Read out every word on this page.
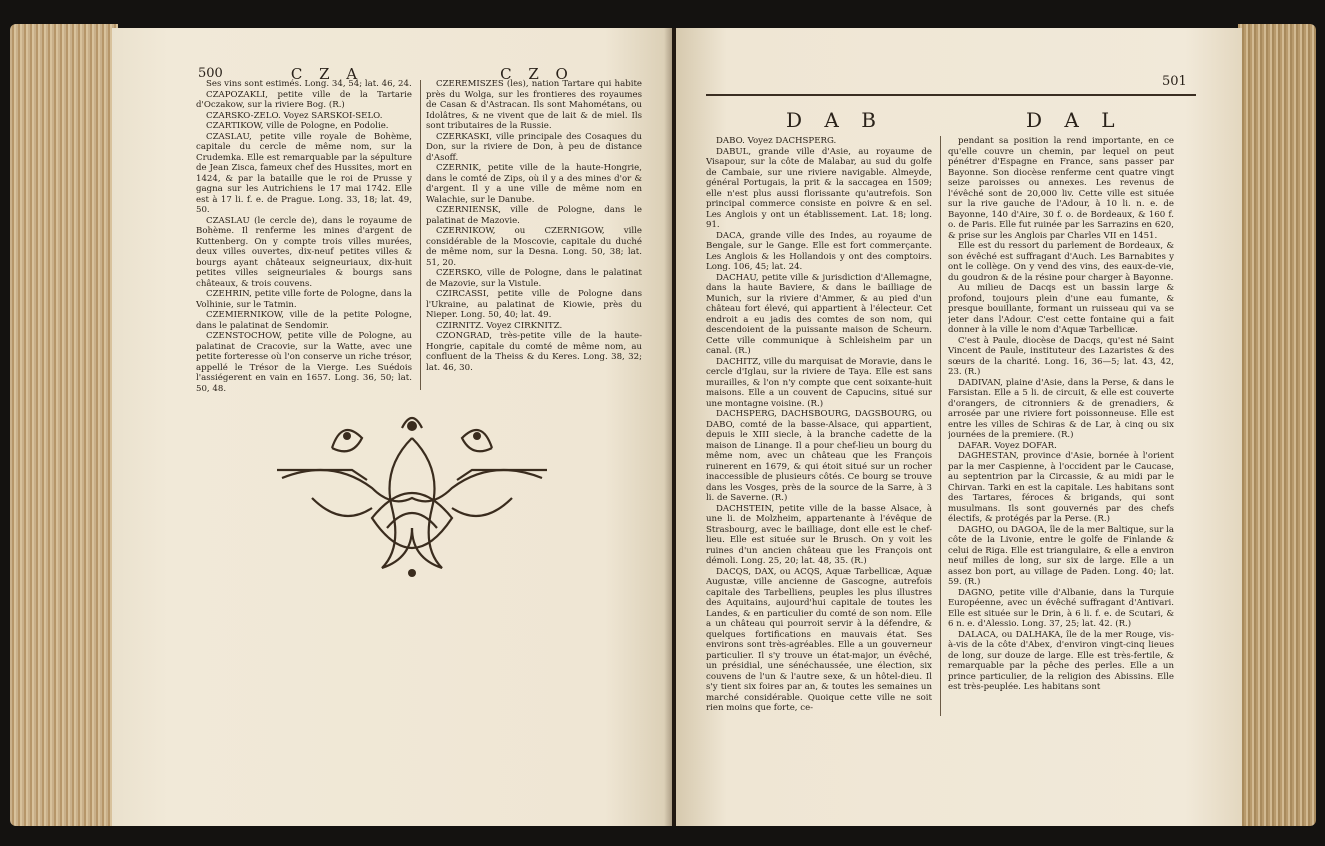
500	C Z A	C Z O

Ses vins sont estimés. Long. 34, 54; lat. 46, 24.

CZAPOZAKLI, petite ville de la Tartarie d'Oczakow, sur la riviere Bog. (R.)

CZARSKO-ZELO. Voyez SARSKOI-SELO.

CZARTIKOW, ville de Pologne, en Podolie.

CZASLAU, petite ville royale de Bohème, capitale du cercle de même nom, sur la Crudemka. Elle est remarquable par la sépulture de Jean Zisca, fameux chef des Hussites, mort en 1424, & par la bataille que le roi de Prusse y gagna sur les Autrichiens le 17 mai 1742. Elle est à 17 li. f. e. de Prague. Long. 33, 18; lat. 49, 50.

CZASLAU (le cercle de), dans le royaume de Bohème. Il renferme les mines d'argent de Kuttenberg. On y compte trois villes murées, deux villes ouvertes, dix-neuf petites villes & bourgs ayant châteaux seigneuriaux, dix-huit petites villes seigneuriales & bourgs sans châteaux, & trois couvens.

CZEHRIN, petite ville forte de Pologne, dans la Volhinie, sur le Tatmin.

CZEMIERNIKOW, ville de la petite Pologne, dans le palatinat de Sendomir.

CZENSTOCHOW, petite ville de Pologne, au palatinat de Cracovie, sur la Watte, avec une petite forteresse où l'on conserve un riche trésor, appellé le Trésor de la Vierge. Les Suédois l'assiégerent en vain en 1657. Long. 36, 50; lat. 50, 48.

CZEREMISZES (les), nation Tartare qui habite près du Wolga, sur les frontieres des royaumes de Casan & d'Astracan. Ils sont Mahométans, ou Idolâtres, & ne vivent que de lait & de miel. Ils sont tributaires de la Russie.

CZERKASKI, ville principale des Cosaques du Don, sur la riviere de Don, à peu de distance d'Asoff.

CZERNIK, petite ville de la haute-Hongrie, dans le comté de Zips, où il y a des mines d'or & d'argent. Il y a une ville de même nom en Walachie, sur le Danube.

CZERNIENSK, ville de Pologne, dans le palatinat de Mazovie.

CZERNIKOW, ou CZERNIGOW, ville considérable de la Moscovie, capitale du duché de même nom, sur la Desna. Long. 50, 38; lat. 51, 20.

CZERSKO, ville de Pologne, dans le palatinat de Mazovie, sur la Vistule.

CZIRCASSI, petite ville de Pologne dans l'Ukraine, au palatinat de Kiowie, près du Nieper. Long. 50, 40; lat. 49.

CZIRNITZ. Voyez CIRKNITZ.

CZONGRAD, très-petite ville de la haute-Hongrie, capitale du comté de même nom, au confluent de la Theiss & du Keres. Long. 38, 32; lat. 46, 30.

501
D A B	D A L

DABO. Voyez DACHSPERG.

DABUL, grande ville d'Asie, au royaume de Visapour, sur la côte de Malabar, au sud du golfe de Cambaie, sur une riviere navigable. Almeyde, général Portugais, la prit & la saccagea en 1509; elle n'est plus aussi florissante qu'autrefois. Son principal commerce consiste en poivre & en sel. Les Anglois y ont un établissement. Lat. 18; long. 91.

DACA, grande ville des Indes, au royaume de Bengale, sur le Gange. Elle est fort commerçante. Les Anglois & les Hollandois y ont des comptoirs. Long. 106, 45; lat. 24.

DACHAU, petite ville & jurisdiction d'Allemagne, dans la haute Baviere, & dans le bailliage de Munich, sur la riviere d'Ammer, & au pied d'un château fort élevé, qui appartient à l'électeur. Cet endroit a eu jadis des comtes de son nom, qui descendoient de la puissante maison de Scheurn. Cette ville communique à Schleisheim par un canal. (R.)

DACHITZ, ville du marquisat de Moravie, dans le cercle d'Iglau, sur la riviere de Taya. Elle est sans murailles, & l'on n'y compte que cent soixante-huit maisons. Elle a un couvent de Capucins, situé sur une montagne voisine. (R.)

DACHSPERG, DACHSBOURG, DAGSBOURG, ou DABO, comté de la basse-Alsace, qui appartient, depuis le XIII siecle, à la branche cadette de la maison de Linange. Il a pour chef-lieu un bourg du même nom, avec un château que les François ruinerent en 1679, & qui étoit situé sur un rocher inaccessible de plusieurs côtés. Ce bourg se trouve dans les Vosges, près de la source de la Sarre, à 3 li. de Saverne. (R.)

DACHSTEIN, petite ville de la basse Alsace, à une li. de Molzheim, appartenante à l'évêque de Strasbourg, avec le bailliage, dont elle est le chef-lieu. Elle est située sur le Brusch. On y voit les ruines d'un ancien château que les François ont démoli. Long. 25, 20; lat. 48, 35. (R.)

DACQS, DAX, ou ACQS, Aquæ Tarbellicæ, Aquæ Augustæ, ville ancienne de Gascogne, autrefois capitale des Tarbelliens, peuples les plus illustres des Aquitains, aujourd'hui capitale de toutes les Landes, & en particulier du comté de son nom. Elle a un château qui pourroit servir à la défendre, & quelques fortifications en mauvais état. Ses environs sont très-agréables. Elle a un gouverneur particulier. Il s'y trouve un état-major, un évêché, un présidial, une sénéchaussée, une élection, six couvens de l'un & l'autre sexe, & un hôtel-dieu. Il s'y tient six foires par an, & toutes les semaines un marché considérable. Quoique cette ville ne soit rien moins que forte, ce-

pendant sa position la rend importante, en ce qu'elle couvre un chemin, par lequel on peut pénétrer d'Espagne en France, sans passer par Bayonne. Son diocèse renferme cent quatre vingt seize paroisses ou annexes. Les revenus de l'évêché sont de 20,000 liv. Cette ville est située sur la rive gauche de l'Adour, à 10 li. n. e. de Bayonne, 140 d'Aire, 30 f. o. de Bordeaux, & 160 f. o. de Paris. Elle fut ruinée par les Sarrazins en 620, & prise sur les Anglois par Charles VII en 1451.

Elle est du ressort du parlement de Bordeaux, & son évêché est suffragant d'Auch. Les Barnabites y ont le collège. On y vend des vins, des eaux-de-vie, du goudron & de la résine pour charger à Bayonne.

Au milieu de Dacqs est un bassin large & profond, toujours plein d'une eau fumante, & presque bouillante, formant un ruisseau qui va se jeter dans l'Adour. C'est cette fontaine qui a fait donner à la ville le nom d'Aquæ Tarbellicæ.

C'est à Paule, diocèse de Dacqs, qu'est né Saint Vincent de Paule, instituteur des Lazaristes & des sœurs de la charité. Long. 16, 36—5; lat. 43, 42, 23. (R.)

DADIVAN, plaine d'Asie, dans la Perse, & dans le Farsistan. Elle a 5 li. de circuit, & elle est couverte d'orangers, de citronniers & de grenadiers, & arrosée par une riviere fort poissonneuse. Elle est entre les villes de Schiras & de Lar, à cinq ou six journées de la premiere. (R.)

DAFAR. Voyez DOFAR.

DAGHESTAN, province d'Asie, bornée à l'orient par la mer Caspienne, à l'occident par le Caucase, au septentrion par la Circassie, & au midi par le Chirvan. Tarki en est la capitale. Les habitans sont des Tartares, féroces & brigands, qui sont musulmans. Ils sont gouvernés par des chefs électifs, & protégés par la Perse. (R.)

DAGHO, ou DAGOA, île de la mer Baltique, sur la côte de la Livonie, entre le golfe de Finlande & celui de Riga. Elle est triangulaire, & elle a environ neuf milles de long, sur six de large. Elle a un assez bon port, au village de Paden. Long. 40; lat. 59. (R.)

DAGNO, petite ville d'Albanie, dans la Turquie Européenne, avec un évêché suffragant d'Antivari. Elle est située sur le Drin, à 6 li. f. e. de Scutari, & 6 n. e. d'Alessio. Long. 37, 25; lat. 42. (R.)

DALACA, ou DALHAKA, île de la mer Rouge, vis-à-vis de la côte d'Abex, d'environ vingt-cinq lieues de long, sur douze de large. Elle est très-fertile, & remarquable par la pêche des perles. Elle a un prince particulier, de la religion des Abissins. Elle est très-peuplée. Les habitans sont
